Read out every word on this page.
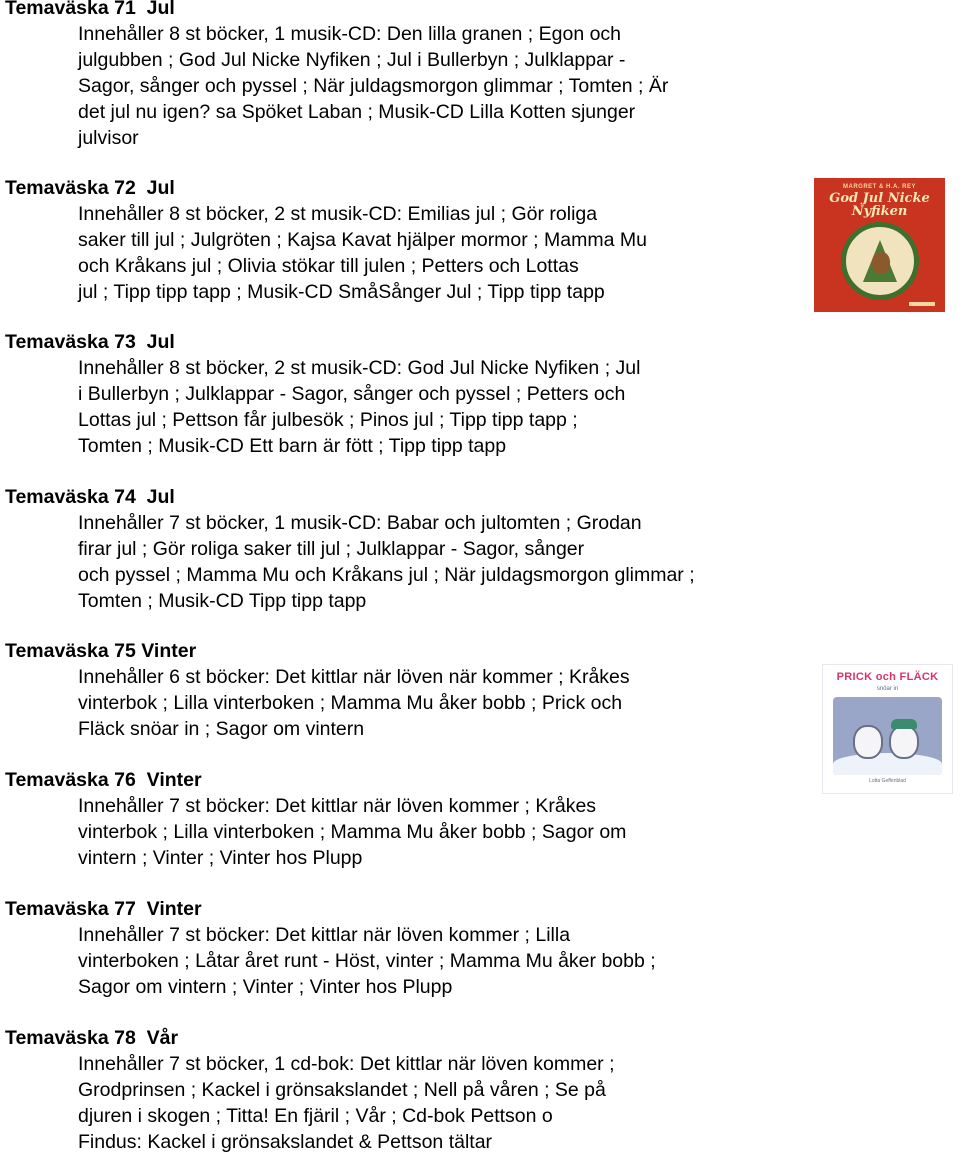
Temaväska 71  Jul
Innehåller 8 st böcker, 1 musik-CD: Den lilla granen ; Egon och
julgubben ; God Jul Nicke Nyfiken ; Jul i Bullerbyn ; Julklappar -
Sagor, sånger och pyssel ; När juldagsmorgon glimmar ; Tomten ; Är
det jul nu igen? sa Spöket Laban ; Musik-CD Lilla Kotten sjunger
julvisor
Temaväska 72  Jul
Innehåller 8 st böcker, 2 st musik-CD: Emilias jul ; Gör roliga
saker till jul ; Julgröten ; Kajsa Kavat hjälper mormor ; Mamma Mu
och Kråkans jul ; Olivia stökar till julen ; Petters och Lottas
jul ; Tipp tipp tapp ; Musik-CD SmåSånger Jul ; Tipp tipp tapp
Temaväska 73  Jul
Innehåller 8 st böcker, 2 st musik-CD: God Jul Nicke Nyfiken ; Jul
i Bullerbyn ; Julklappar - Sagor, sånger och pyssel ; Petters och
Lottas jul ; Pettson får julbesök ; Pinos jul ; Tipp tipp tapp ;
Tomten ; Musik-CD Ett barn är fött ; Tipp tipp tapp
Temaväska 74  Jul
Innehåller 7 st böcker, 1 musik-CD: Babar och jultomten ; Grodan
firar jul ; Gör roliga saker till jul ; Julklappar - Sagor, sånger
och pyssel ; Mamma Mu och Kråkans jul ; När juldagsmorgon glimmar ;
Tomten ; Musik-CD Tipp tipp tapp
Temaväska 75 Vinter
Innehåller 6 st böcker: Det kittlar när löven när kommer ; Kråkes
vinterbok ; Lilla vinterboken ; Mamma Mu åker bobb ; Prick och
Fläck snöar in ; Sagor om vintern
Temaväska 76  Vinter
Innehåller 7 st böcker: Det kittlar när löven kommer ; Kråkes
vinterbok ; Lilla vinterboken ; Mamma Mu åker bobb ; Sagor om
vintern ; Vinter ; Vinter hos Plupp
Temaväska 77  Vinter
Innehåller 7 st böcker: Det kittlar när löven kommer ; Lilla
vinterboken ; Låtar året runt - Höst, vinter ; Mamma Mu åker bobb ;
Sagor om vintern ; Vinter ; Vinter hos Plupp
Temaväska 78  Vår
Innehåller 7 st böcker, 1 cd-bok: Det kittlar när löven kommer ;
Grodprinsen ; Kackel i grönsakslandet ; Nell på våren ; Se på
djuren i skogen ; Titta! En fjäril ; Vår ; Cd-bok Pettson o
Findus: Kackel i grönsakslandet & Pettson tältar
MARGRET & H.A. REY
God Jul Nicke Nyfiken
PRICK och FLÄCK
snöar in
Lotta Geffenblad
